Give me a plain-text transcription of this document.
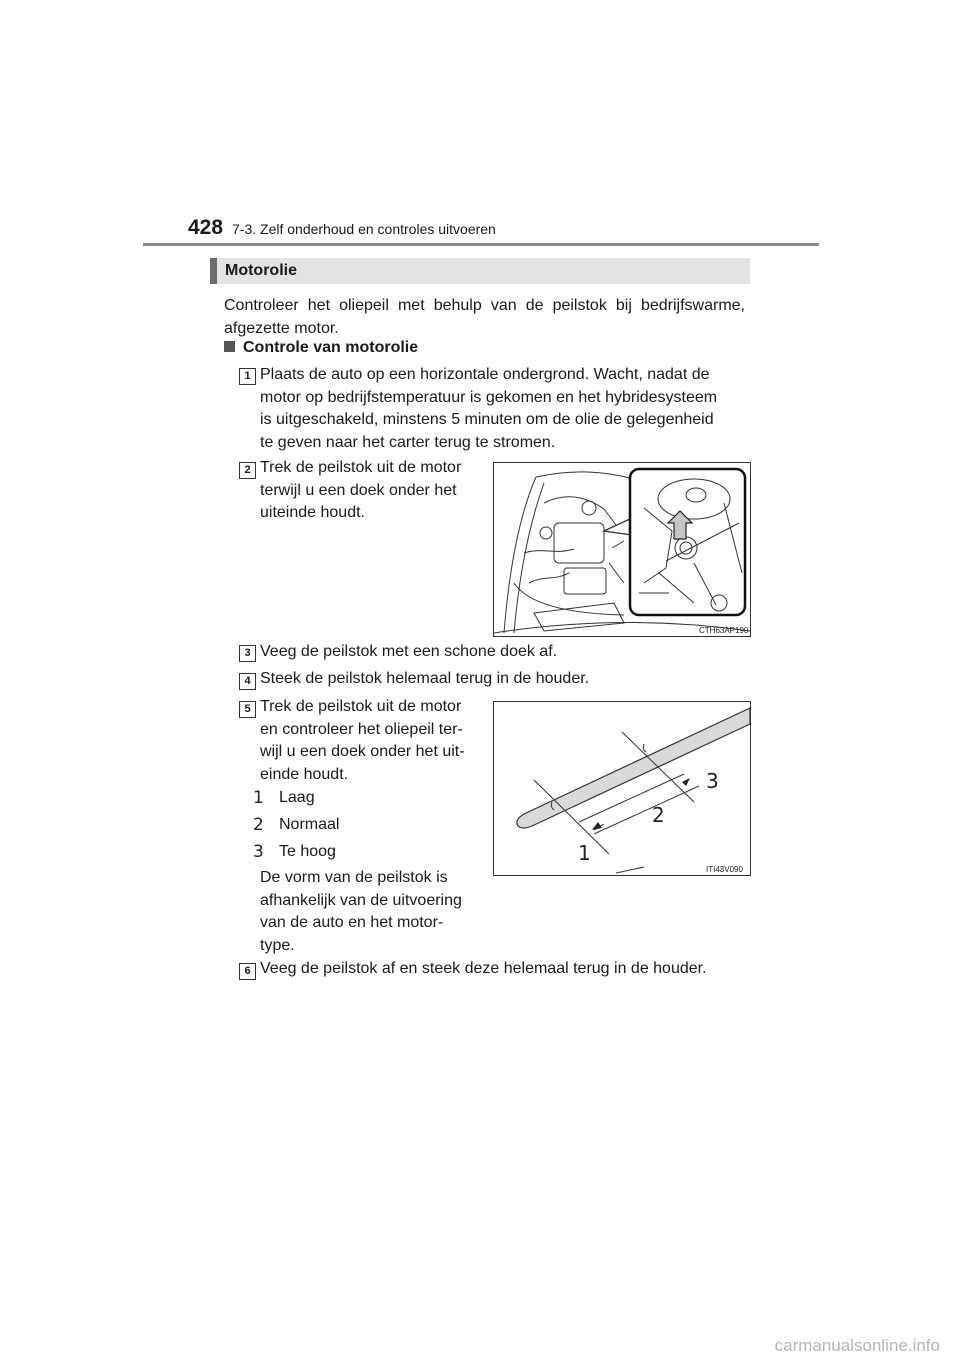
428 7-3. Zelf onderhoud en controles uitvoeren
Motorolie
Controleer het oliepeil met behulp van de peilstok bij bedrijfswarme, afgezette motor.
Controle van motorolie
1 Plaats de auto op een horizontale ondergrond. Wacht, nadat de
motor op bedrijfstemperatuur is gekomen en het hybridesysteem
is uitgeschakeld, minstens 5 minuten om de olie de gelegenheid
te geven naar het carter terug te stromen.
2 Trek de peilstok uit de motor
terwijl u een doek onder het
uiteinde houdt.
CTH63AP190
3 Veeg de peilstok met een schone doek af.
4 Steek de peilstok helemaal terug in de houder.
5 Trek de peilstok uit de motor
en controleer het oliepeil ter-
wijl u een doek onder het uit-
einde houdt.
1 Laag
2 Normaal
3 Te hoog
De vorm van de peilstok is
afhankelijk van de uitvoering
van de auto en het motor-
type.
2
3
1
ITI43V090
6 Veeg de peilstok af en steek deze helemaal terug in de houder.
carmanualsonline.info
